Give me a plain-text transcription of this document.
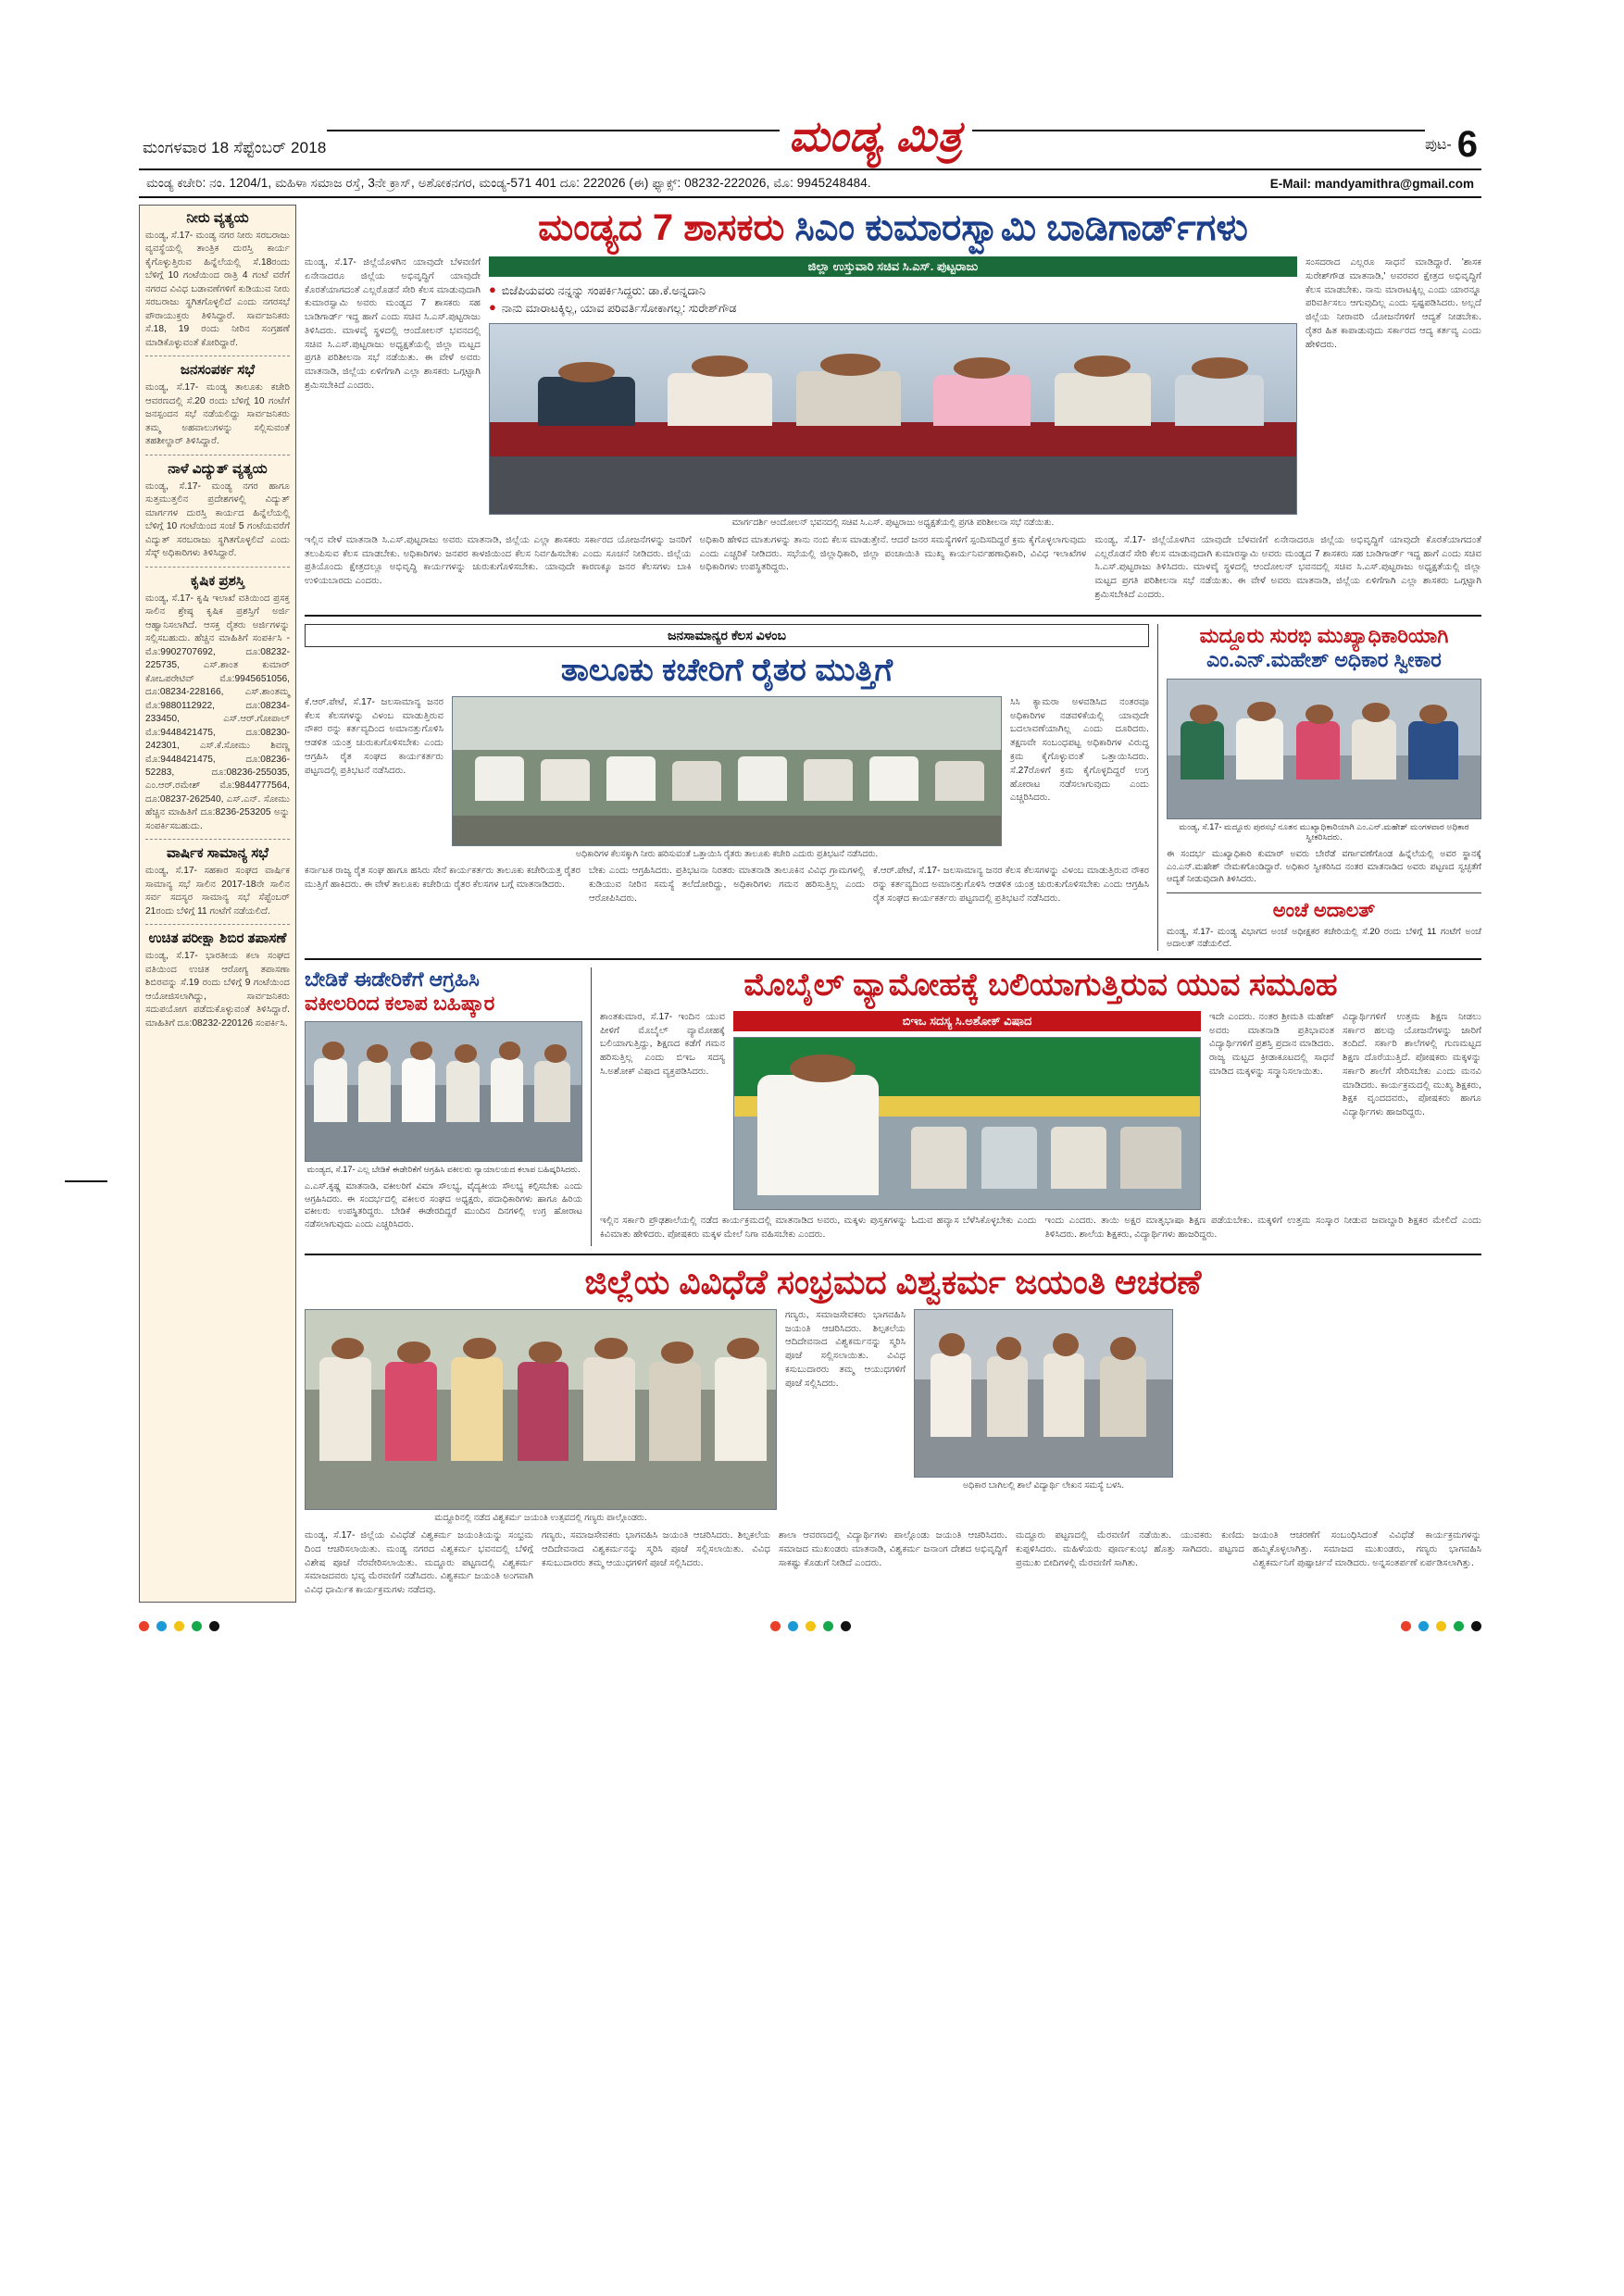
ಮಂಗಳವಾರ 18 ಸೆಪ್ಟೆಂಬರ್ 2018	ಮಂಡ್ಯ ಮಿತ್ರ	ಪುಟ- 6
ಮಂಡ್ಯ ಕಚೇರಿ: ನಂ. 1204/1, ಮಹಿಳಾ ಸಮಾಜ ರಸ್ತೆ, 3ನೇ ಕ್ರಾಸ್, ಅಶೋಕನಗರ, ಮಂಡ್ಯ-571 401 ದೂ: 222026 (ಈ) ಫ್ಯಾಕ್ಸ್: 08232-222026, ಮೊ: 9945248484.	E-Mail: mandyamithra@gmail.com
ನೀರು ವ್ಯತ್ಯಯ

ಮಂಡ್ಯ, ಸೆ.17- ಮಂಡ್ಯ ನಗರ ನೀರು ಸರಬರಾಜು ವ್ಯವಸ್ಥೆಯಲ್ಲಿ ತಾಂತ್ರಿಕ ದುರಸ್ತಿ ಕಾರ್ಯ ಕೈಗೊಳ್ಳುತ್ತಿರುವ ಹಿನ್ನೆಲೆಯಲ್ಲಿ ಸೆ.18ರಂದು ಬೆಳಿಗ್ಗೆ 10 ಗಂಟೆಯಿಂದ ರಾತ್ರಿ 4 ಗಂಟೆ ವರೆಗೆ ನಗರದ ವಿವಿಧ ಬಡಾವಣೆಗಳಿಗೆ ಕುಡಿಯುವ ನೀರು ಸರಬರಾಜು ಸ್ಥಗಿತಗೊಳ್ಳಲಿದೆ ಎಂದು ನಗರಸಭೆ ಪೌರಾಯುಕ್ತರು ತಿಳಿಸಿದ್ದಾರೆ. ಸಾರ್ವಜನಿಕರು ಸೆ.18, 19 ರಂದು ನೀರಿನ ಸಂಗ್ರಹಣೆ ಮಾಡಿಕೊಳ್ಳುವಂತೆ ಕೋರಿದ್ದಾರೆ.

ಜನಸಂಪರ್ಕ ಸಭೆ

ಮಂಡ್ಯ, ಸೆ.17- ಮಂಡ್ಯ ತಾಲೂಕು ಕಚೇರಿ ಆವರಣದಲ್ಲಿ ಸೆ.20 ರಂದು ಬೆಳಿಗ್ಗೆ 10 ಗಂಟೆಗೆ ಜನಸ್ಪಂದನ ಸಭೆ ನಡೆಯಲಿದ್ದು ಸಾರ್ವಜನಿಕರು ತಮ್ಮ ಅಹವಾಲುಗಳನ್ನು ಸಲ್ಲಿಸುವಂತೆ ತಹಶೀಲ್ದಾರ್ ತಿಳಿಸಿದ್ದಾರೆ.

ನಾಳೆ ವಿದ್ಯುತ್ ವ್ಯತ್ಯಯ

ಮಂಡ್ಯ, ಸೆ.17- ಮಂಡ್ಯ ನಗರ ಹಾಗೂ ಸುತ್ತಮುತ್ತಲಿನ ಪ್ರದೇಶಗಳಲ್ಲಿ ವಿದ್ಯುತ್ ಮಾರ್ಗಗಳ ದುರಸ್ತಿ ಕಾರ್ಯದ ಹಿನ್ನೆಲೆಯಲ್ಲಿ ಬೆಳಿಗ್ಗೆ 10 ಗಂಟೆಯಿಂದ ಸಂಜೆ 5 ಗಂಟೆಯವರೆಗೆ ವಿದ್ಯುತ್ ಸರಬರಾಜು ಸ್ಥಗಿತಗೊಳ್ಳಲಿದೆ ಎಂದು ಸೆಸ್ಕ್ ಅಧಿಕಾರಿಗಳು ತಿಳಿಸಿದ್ದಾರೆ.

ಕೃಷಿಕ ಪ್ರಶಸ್ತಿ

ಮಂಡ್ಯ, ಸೆ.17- ಕೃಷಿ ಇಲಾಖೆ ವತಿಯಿಂದ ಪ್ರಸಕ್ತ ಸಾಲಿನ ಶ್ರೇಷ್ಠ ಕೃಷಿಕ ಪ್ರಶಸ್ತಿಗೆ ಅರ್ಜಿ ಆಹ್ವಾನಿಸಲಾಗಿದೆ. ಆಸಕ್ತ ರೈತರು ಅರ್ಜಿಗಳನ್ನು ಸಲ್ಲಿಸಬಹುದು. ಹೆಚ್ಚಿನ ಮಾಹಿತಿಗೆ ಸಂಪರ್ಕಿಸಿ - ಮೊ:9902707692, ದೂ:08232-225735, ಎಸ್.ಶಾಂತ ಕುಮಾರ್ ಕೋಒಪರೇಟಿವ್ ಮೊ:9945651056, ದೂ:08234-228166, ಎಸ್.ಶಾಂತಮ್ಮ ಮೊ:9880112922, ದೂ:08234-233450, ಎಸ್.ಆರ್.ಗೋಪಾಲ್ ಮೊ:9448421475, ದೂ:08230-242301, ಎಸ್.ಕೆ.ಸೋಮು ಶಿವಣ್ಣ ಮೊ:9448421475, ದೂ:08236-52283, ದೂ:08236-255035, ಎಂ.ಆರ್.ರಮೇಶ್ ಮೊ:9844777564, ದೂ:08237-262540, ಎಸ್.ಎನ್. ಸೋಮು ಹೆಚ್ಚಿನ ಮಾಹಿತಿಗೆ ದೂ:8236-253205 ಅನ್ನು ಸಂಪರ್ಕಿಸಬಹುದು.

ವಾರ್ಷಿಕ ಸಾಮಾನ್ಯ ಸಭೆ

ಮಂಡ್ಯ, ಸೆ.17- ಸಹಕಾರ ಸಂಘದ ವಾರ್ಷಿಕ ಸಾಮಾನ್ಯ ಸಭೆ ಸಾಲಿನ 2017-18ನೇ ಸಾಲಿನ ಸರ್ವ ಸದಸ್ಯರ ಸಾಮಾನ್ಯ ಸಭೆ ಸೆಪ್ಟೆಂಬರ್ 21ರಂದು ಬೆಳಿಗ್ಗೆ 11 ಗಂಟೆಗೆ ನಡೆಯಲಿದೆ.

ಉಚಿತ ಪರೀಕ್ಷಾ ಶಿಬಿರ ತಪಾಸಣೆ

ಮಂಡ್ಯ, ಸೆ.17- ಭಾರತೀಯ ಕಲಾ ಸಂಘದ ವತಿಯಿಂದ ಉಚಿತ ಆರೋಗ್ಯ ತಪಾಸಣಾ ಶಿಬಿರವನ್ನು ಸೆ.19 ರಂದು ಬೆಳಿಗ್ಗೆ 9 ಗಂಟೆಯಿಂದ ಆಯೋಜಿಸಲಾಗಿದ್ದು, ಸಾರ್ವಜನಿಕರು ಸದುಪಯೋಗ ಪಡೆದುಕೊಳ್ಳುವಂತೆ ತಿಳಿಸಿದ್ದಾರೆ. ಮಾಹಿತಿಗೆ ದೂ:08232-220126 ಸಂಪರ್ಕಿಸಿ.

ಮಂಡ್ಯದ 7 ಶಾಸಕರು ಸಿಎಂ ಕುಮಾರಸ್ವಾಮಿ ಬಾಡಿಗಾರ್ಡ್‌ಗಳು

ಮಂಡ್ಯ, ಸೆ.17- ಜಿಲ್ಲೆಯೊಳಗಿನ ಯಾವುದೇ ಬೆಳವಣಿಗೆ ಏನೇನಾದರೂ ಜಿಲ್ಲೆಯ ಅಭಿವೃದ್ಧಿಗೆ ಯಾವುದೇ ಕೊರತೆಯಾಗದಂತೆ ಎಲ್ಲರೊಡನೆ ಸೇರಿ ಕೆಲಸ ಮಾಡುವುದಾಗಿ ಕುಮಾರಸ್ವಾಮಿ ಅವರು ಮಂಡ್ಯದ 7 ಶಾಸಕರು ಸಹ ಬಾಡಿಗಾರ್ಡ್ ಇದ್ದ ಹಾಗೆ ಎಂದು ಸಚಿವ ಸಿ.ಎಸ್.ಪುಟ್ಟರಾಜು ತಿಳಿಸಿದರು. ಮಾಳವೈ ಸ್ಥಳದಲ್ಲಿ ಆಂದೋಲನ್ ಭವನದಲ್ಲಿ ಸಚಿವ ಸಿ.ಎಸ್.ಪುಟ್ಟರಾಜು ಅಧ್ಯಕ್ಷತೆಯಲ್ಲಿ ಜಿಲ್ಲಾ ಮಟ್ಟದ ಪ್ರಗತಿ ಪರಿಶೀಲನಾ ಸಭೆ ನಡೆಯಿತು. ಈ ವೇಳೆ ಅವರು ಮಾತನಾಡಿ, ಜಿಲ್ಲೆಯ ಏಳಿಗೆಗಾಗಿ ಎಲ್ಲಾ ಶಾಸಕರು ಒಗ್ಗಟ್ಟಾಗಿ ಶ್ರಮಿಸಬೇಕಿದೆ ಎಂದರು.

ಜಿಲ್ಲಾ ಉಸ್ತುವಾರಿ ಸಚಿವ ಸಿ.ಎಸ್. ಪುಟ್ಟರಾಜು
● ಬಿಜೆಪಿಯವರು ನನ್ನನ್ನು ಸಂಪರ್ಕಿಸಿದ್ದರು: ಡಾ.ಕೆ.ಅನ್ನದಾನಿ
● ನಾನು ಮಾರಾಟಕ್ಕಿಲ್ಲ, ಯಾವ ಪರಿವರ್ತಿಸೋಕಾಗಲ್ಲ: ಸುರೇಶ್‌ಗೌಡ
ಮಾರ್ಗದರ್ಶಿ ಆಂದೋಲನ್ ಭವನದಲ್ಲಿ ಸಚಿವ ಸಿ.ಎಸ್. ಪುಟ್ಟರಾಜು ಅಧ್ಯಕ್ಷತೆಯಲ್ಲಿ ಪ್ರಗತಿ ಪರಿಶೀಲನಾ ಸಭೆ ನಡೆಯಿತು.

ಸಂಸದರಾದ ಎಲ್ಲರೂ ಸಾಧನೆ ಮಾಡಿದ್ದಾರೆ. 'ಶಾಸಕ ಸುರೇಶ್‌ಗೌಡ ಮಾತನಾಡಿ,' ಅವರವರ ಕ್ಷೇತ್ರದ ಅಭಿವೃದ್ಧಿಗೆ ಕೆಲಸ ಮಾಡಬೇಕು. ನಾನು ಮಾರಾಟಕ್ಕಿಲ್ಲ ಎಂದು ಯಾರನ್ನೂ ಪರಿವರ್ತಿಸಲು ಆಗುವುದಿಲ್ಲ ಎಂದು ಸ್ಪಷ್ಟಪಡಿಸಿದರು. ಅಲ್ಲದೆ ಜಿಲ್ಲೆಯ ನೀರಾವರಿ ಯೋಜನೆಗಳಿಗೆ ಆದ್ಯತೆ ನೀಡಬೇಕು. ರೈತರ ಹಿತ ಕಾಪಾಡುವುದು ಸರ್ಕಾರದ ಆದ್ಯ ಕರ್ತವ್ಯ ಎಂದು ಹೇಳಿದರು.

ಇಲ್ಲಿನ ವೇಳೆ ಮಾತನಾಡಿ ಸಿ.ಎಸ್.ಪುಟ್ಟರಾಜು ಅವರು ಮಾತನಾಡಿ, ಜಿಲ್ಲೆಯ ಎಲ್ಲಾ ಶಾಸಕರು ಸರ್ಕಾರದ ಯೋಜನೆಗಳನ್ನು ಜನರಿಗೆ ತಲುಪಿಸುವ ಕೆಲಸ ಮಾಡಬೇಕು. ಅಧಿಕಾರಿಗಳು ಜನಪರ ಕಾಳಜಿಯಿಂದ ಕೆಲಸ ನಿರ್ವಹಿಸಬೇಕು ಎಂದು ಸೂಚನೆ ನೀಡಿದರು. ಜಿಲ್ಲೆಯ ಪ್ರತಿಯೊಂದು ಕ್ಷೇತ್ರದಲ್ಲೂ ಅಭಿವೃದ್ಧಿ ಕಾರ್ಯಗಳನ್ನು ಚುರುಕುಗೊಳಿಸಬೇಕು. ಯಾವುದೇ ಕಾರಣಕ್ಕೂ ಜನರ ಕೆಲಸಗಳು ಬಾಕಿ ಉಳಿಯಬಾರದು ಎಂದರು.

ಅಧಿಕಾರಿ ಹೇಳಿದ ಮಾತುಗಳನ್ನು ತಾನು ನಂಬಿ ಕೆಲಸ ಮಾಡುತ್ತೇನೆ. ಆದರೆ ಜನರ ಸಮಸ್ಯೆಗಳಿಗೆ ಸ್ಪಂದಿಸದಿದ್ದರೆ ಕ್ರಮ ಕೈಗೊಳ್ಳಲಾಗುವುದು ಎಂದು ಎಚ್ಚರಿಕೆ ನೀಡಿದರು. ಸಭೆಯಲ್ಲಿ ಜಿಲ್ಲಾಧಿಕಾರಿ, ಜಿಲ್ಲಾ ಪಂಚಾಯಿತಿ ಮುಖ್ಯ ಕಾರ್ಯನಿರ್ವಹಣಾಧಿಕಾರಿ, ವಿವಿಧ ಇಲಾಖೆಗಳ ಅಧಿಕಾರಿಗಳು ಉಪಸ್ಥಿತರಿದ್ದರು.

ಮಂಡ್ಯ, ಸೆ.17- ಜಿಲ್ಲೆಯೊಳಗಿನ ಯಾವುದೇ ಬೆಳವಣಿಗೆ ಏನೇನಾದರೂ ಜಿಲ್ಲೆಯ ಅಭಿವೃದ್ಧಿಗೆ ಯಾವುದೇ ಕೊರತೆಯಾಗದಂತೆ ಎಲ್ಲರೊಡನೆ ಸೇರಿ ಕೆಲಸ ಮಾಡುವುದಾಗಿ ಕುಮಾರಸ್ವಾಮಿ ಅವರು ಮಂಡ್ಯದ 7 ಶಾಸಕರು ಸಹ ಬಾಡಿಗಾರ್ಡ್ ಇದ್ದ ಹಾಗೆ ಎಂದು ಸಚಿವ ಸಿ.ಎಸ್.ಪುಟ್ಟರಾಜು ತಿಳಿಸಿದರು. ಮಾಳವೈ ಸ್ಥಳದಲ್ಲಿ ಆಂದೋಲನ್ ಭವನದಲ್ಲಿ ಸಚಿವ ಸಿ.ಎಸ್.ಪುಟ್ಟರಾಜು ಅಧ್ಯಕ್ಷತೆಯಲ್ಲಿ ಜಿಲ್ಲಾ ಮಟ್ಟದ ಪ್ರಗತಿ ಪರಿಶೀಲನಾ ಸಭೆ ನಡೆಯಿತು. ಈ ವೇಳೆ ಅವರು ಮಾತನಾಡಿ, ಜಿಲ್ಲೆಯ ಏಳಿಗೆಗಾಗಿ ಎಲ್ಲಾ ಶಾಸಕರು ಒಗ್ಗಟ್ಟಾಗಿ ಶ್ರಮಿಸಬೇಕಿದೆ ಎಂದರು.

ಜನಸಾಮಾನ್ಯರ ಕೆಲಸ ವಿಳಂಬ
ತಾಲೂಕು ಕಚೇರಿಗೆ ರೈತರ ಮುತ್ತಿಗೆ

ಕೆ.ಆರ್.ಪೇಟೆ, ಸೆ.17- ಜಲಸಾಮಾನ್ಯ ಜನರ ಕೆಲಸ ಕೆಲಸಗಳನ್ನು ವಿಳಂಬ ಮಾಡುತ್ತಿರುವ ನೌಕರ ರನ್ನು ಕರ್ತವ್ಯದಿಂದ ಅಮಾನತ್ತುಗೊಳಿಸಿ ಆಡಳಿತ ಯಂತ್ರ ಚುರುಕುಗೊಳಿಸಬೇಕು ಎಂದು ಆಗ್ರಹಿಸಿ ರೈತ ಸಂಘದ ಕಾರ್ಯಕರ್ತರು ಪಟ್ಟಣದಲ್ಲಿ ಪ್ರತಿಭಟನೆ ನಡೆಸಿದರು.

ಅಧಿಕಾರಿಗಳ ಕೆಲಸಕ್ಕಾಗಿ ನೀರು ಹರಿಸುವಂತೆ ಒತ್ತಾಯಿಸಿ ರೈತರು ತಾಲೂಕು ಕಚೇರಿ ಎದುರು ಪ್ರತಿಭಟನೆ ನಡೆಸಿದರು.

ಸಿಸಿ ಕ್ಯಾಮರಾ ಅಳವಡಿಸಿದ ನಂತರವೂ ಅಧಿಕಾರಿಗಳ ನಡವಳಿಕೆಯಲ್ಲಿ ಯಾವುದೇ ಬದಲಾವಣೆಯಾಗಿಲ್ಲ ಎಂದು ದೂರಿದರು. ತಕ್ಷಣವೇ ಸಂಬಂಧಪಟ್ಟ ಅಧಿಕಾರಿಗಳ ವಿರುದ್ಧ ಕ್ರಮ ಕೈಗೊಳ್ಳುವಂತೆ ಒತ್ತಾಯಿಸಿದರು. ಸೆ.27ರೊಳಗೆ ಕ್ರಮ ಕೈಗೊಳ್ಳದಿದ್ದರೆ ಉಗ್ರ ಹೋರಾಟ ನಡೆಸಲಾಗುವುದು ಎಂದು ಎಚ್ಚರಿಸಿದರು.

ಕರ್ನಾಟಕ ರಾಜ್ಯ ರೈತ ಸಂಘ ಹಾಗೂ ಹಸಿರು ಸೇನೆ ಕಾರ್ಯಕರ್ತರು ತಾಲೂಕು ಕಚೇರಿಯತ್ತ ರೈತರ ಮುತ್ತಿಗೆ ಹಾಕಿದರು. ಈ ವೇಳೆ ತಾಲೂಕು ಕಚೇರಿಯ ರೈತರ ಕೆಲಸಗಳ ಬಗ್ಗೆ ಮಾತನಾಡಿದರು.

ಬೇಕು ಎಂದು ಆಗ್ರಹಿಸಿದರು. ಪ್ರತಿಭಟನಾ ನಿರತರು ಮಾತನಾಡಿ ತಾಲೂಕಿನ ವಿವಿಧ ಗ್ರಾಮಗಳಲ್ಲಿ ಕುಡಿಯುವ ನೀರಿನ ಸಮಸ್ಯೆ ತಲೆದೋರಿದ್ದು, ಅಧಿಕಾರಿಗಳು ಗಮನ ಹರಿಸುತ್ತಿಲ್ಲ ಎಂದು ಆರೋಪಿಸಿದರು.

ಕೆ.ಆರ್.ಪೇಟೆ, ಸೆ.17- ಜಲಸಾಮಾನ್ಯ ಜನರ ಕೆಲಸ ಕೆಲಸಗಳನ್ನು ವಿಳಂಬ ಮಾಡುತ್ತಿರುವ ನೌಕರ ರನ್ನು ಕರ್ತವ್ಯದಿಂದ ಅಮಾನತ್ತುಗೊಳಿಸಿ ಆಡಳಿತ ಯಂತ್ರ ಚುರುಕುಗೊಳಿಸಬೇಕು ಎಂದು ಆಗ್ರಹಿಸಿ ರೈತ ಸಂಘದ ಕಾರ್ಯಕರ್ತರು ಪಟ್ಟಣದಲ್ಲಿ ಪ್ರತಿಭಟನೆ ನಡೆಸಿದರು.

ಮದ್ದೂರು ಸುರಭಿ ಮುಖ್ಯಾಧಿಕಾರಿಯಾಗಿ
ಎಂ.ಎನ್.ಮಹೇಶ್ ಅಧಿಕಾರ ಸ್ವೀಕಾರ
ಮಂಡ್ಯ, ಸೆ.17- ಮದ್ದೂರು ಪುರಸಭೆ ನೂತನ ಮುಖ್ಯಾಧಿಕಾರಿಯಾಗಿ ಎಂ.ಎನ್.ಮಹೇಶ್ ಮಂಗಳವಾರ ಅಧಿಕಾರ ಸ್ವೀಕರಿಸಿದರು.
ಈ ಸಂದರ್ಭ ಮುಖ್ಯಾಧಿಕಾರಿ ಕುಮಾರ್ ಅವರು ಬೇರೆಡೆ ವರ್ಗಾವಣೆಗೊಂಡ ಹಿನ್ನೆಲೆಯಲ್ಲಿ ಅವರ ಸ್ಥಾನಕ್ಕೆ ಎಂ.ಎನ್.ಮಹೇಶ್ ನೇಮಕಗೊಂಡಿದ್ದಾರೆ. ಅಧಿಕಾರ ಸ್ವೀಕರಿಸಿದ ನಂತರ ಮಾತನಾಡಿದ ಅವರು ಪಟ್ಟಣದ ಸ್ವಚ್ಛತೆಗೆ ಆದ್ಯತೆ ನೀಡುವುದಾಗಿ ತಿಳಿಸಿದರು.
ಅಂಚೆ ಅದಾಲತ್
ಮಂಡ್ಯ, ಸೆ.17- ಮಂಡ್ಯ ವಿಭಾಗದ ಅಂಚೆ ಅಧೀಕ್ಷಕರ ಕಚೇರಿಯಲ್ಲಿ ಸೆ.20 ರಂದು ಬೆಳಿಗ್ಗೆ 11 ಗಂಟೆಗೆ ಅಂಚೆ ಅದಾಲತ್ ನಡೆಯಲಿದೆ.
ಬೇಡಿಕೆ ಈಡೇರಿಕೆಗೆ ಆಗ್ರಹಿಸಿ
ವಕೀಲರಿಂದ ಕಲಾಪ ಬಹಿಷ್ಕಾರ
ಮಂಡ್ಯದ, ಸೆ.17- ಎಲ್ಲ ಬೇಡಿಕೆ ಈಡೇರಿಕೆಗೆ ಆಗ್ರಹಿಸಿ ವಕೀಲರು ನ್ಯಾಯಾಲಯದ ಕಲಾಪ ಬಹಿಷ್ಕರಿಸಿದರು.
ಎ.ಎಸ್.ಕೃಷ್ಣ ಮಾತನಾಡಿ, ವಕೀಲರಿಗೆ ವಿಮಾ ಸೌಲಭ್ಯ, ವೈದ್ಯಕೀಯ ಸೌಲಭ್ಯ ಕಲ್ಪಿಸಬೇಕು ಎಂದು ಆಗ್ರಹಿಸಿದರು. ಈ ಸಂದರ್ಭದಲ್ಲಿ ವಕೀಲರ ಸಂಘದ ಅಧ್ಯಕ್ಷರು, ಪದಾಧಿಕಾರಿಗಳು ಹಾಗೂ ಹಿರಿಯ ವಕೀಲರು ಉಪಸ್ಥಿತರಿದ್ದರು. ಬೇಡಿಕೆ ಈಡೇರದಿದ್ದರೆ ಮುಂದಿನ ದಿನಗಳಲ್ಲಿ ಉಗ್ರ ಹೋರಾಟ ನಡೆಸಲಾಗುವುದು ಎಂದು ಎಚ್ಚರಿಸಿದರು.
ಮೊಬೈಲ್ ವ್ಯಾಮೋಹಕ್ಕೆ ಬಲಿಯಾಗುತ್ತಿರುವ ಯುವ ಸಮೂಹ

ಶಾಂತಕುಮಾರ, ಸೆ.17- ಇಂದಿನ ಯುವ ಪೀಳಿಗೆ ಮೊಬೈಲ್ ವ್ಯಾಮೋಹಕ್ಕೆ ಬಲಿಯಾಗುತ್ತಿದ್ದು, ಶಿಕ್ಷಣದ ಕಡೆಗೆ ಗಮನ ಹರಿಸುತ್ತಿಲ್ಲ ಎಂದು ಬಿಇಒ ಸದಸ್ಯ ಸಿ.ಅಶೋಕ್ ವಿಷಾದ ವ್ಯಕ್ತಪಡಿಸಿದರು.

ಬಿಇಒ ಸದಸ್ಯ ಸಿ.ಅಶೋಕ್ ವಿಷಾದ	ಇದೇ ಎಂದರು. ನಂತರ ಶ್ರೀಮತಿ ಮಹೇಶ್ ಅವರು ಮಾತನಾಡಿ ಪ್ರತಿಭಾವಂತ ವಿದ್ಯಾರ್ಥಿಗಳಿಗೆ ಪ್ರಶಸ್ತಿ ಪ್ರದಾನ ಮಾಡಿದರು. ರಾಜ್ಯ ಮಟ್ಟದ ಕ್ರೀಡಾಕೂಟದಲ್ಲಿ ಸಾಧನೆ ಮಾಡಿದ ಮಕ್ಕಳನ್ನು ಸನ್ಮಾನಿಸಲಾಯಿತು.

ವಿದ್ಯಾರ್ಥಿಗಳಿಗೆ ಉತ್ತಮ ಶಿಕ್ಷಣ ನೀಡಲು ಸರ್ಕಾರ ಹಲವು ಯೋಜನೆಗಳನ್ನು ಜಾರಿಗೆ ತಂದಿದೆ. ಸರ್ಕಾರಿ ಶಾಲೆಗಳಲ್ಲಿ ಗುಣಮಟ್ಟದ ಶಿಕ್ಷಣ ದೊರೆಯುತ್ತಿದೆ. ಪೋಷಕರು ಮಕ್ಕಳನ್ನು ಸರ್ಕಾರಿ ಶಾಲೆಗೆ ಸೇರಿಸಬೇಕು ಎಂದು ಮನವಿ ಮಾಡಿದರು. ಕಾರ್ಯಕ್ರಮದಲ್ಲಿ ಮುಖ್ಯ ಶಿಕ್ಷಕರು, ಶಿಕ್ಷಕ ವೃಂದದವರು, ಪೋಷಕರು ಹಾಗೂ ವಿದ್ಯಾರ್ಥಿಗಳು ಹಾಜರಿದ್ದರು.

ಇಲ್ಲಿನ ಸರ್ಕಾರಿ ಪ್ರೌಢಶಾಲೆಯಲ್ಲಿ ನಡೆದ ಕಾರ್ಯಕ್ರಮದಲ್ಲಿ ಮಾತನಾಡಿದ ಅವರು, ಮಕ್ಕಳು ಪುಸ್ತಕಗಳನ್ನು ಓದುವ ಹವ್ಯಾಸ ಬೆಳೆಸಿಕೊಳ್ಳಬೇಕು ಎಂದು ಕಿವಿಮಾತು ಹೇಳಿದರು. ಪೋಷಕರು ಮಕ್ಕಳ ಮೇಲೆ ನಿಗಾ ವಹಿಸಬೇಕು ಎಂದರು.

ಇಂದು ಎಂದರು. ತಾಯಿ ಅಕ್ಷರ ಮಾತೃಭಾಷಾ ಶಿಕ್ಷಣ ಪಡೆಯಬೇಕು. ಮಕ್ಕಳಿಗೆ ಉತ್ತಮ ಸಂಸ್ಕಾರ ನೀಡುವ ಜವಾಬ್ದಾರಿ ಶಿಕ್ಷಕರ ಮೇಲಿದೆ ಎಂದು ತಿಳಿಸಿದರು. ಶಾಲೆಯ ಶಿಕ್ಷಕರು, ವಿದ್ಯಾರ್ಥಿಗಳು ಹಾಜರಿದ್ದರು.

ಜಿಲ್ಲೆಯ ವಿವಿಧೆಡೆ ಸಂಭ್ರಮದ ವಿಶ್ವಕರ್ಮ ಜಯಂತಿ ಆಚರಣೆ
ಮದ್ದೂರಿನಲ್ಲಿ ನಡೆದ ವಿಶ್ವಕರ್ಮ ಜಯಂತಿ ಉತ್ಸವದಲ್ಲಿ ಗಣ್ಯರು ಪಾಲ್ಗೊಂಡರು.

ಗಣ್ಯರು, ಸಮಾಜಸೇವಕರು ಭಾಗವಹಿಸಿ ಜಯಂತಿ ಆಚರಿಸಿದರು. ಶಿಲ್ಪಕಲೆಯ ಆದಿದೇವನಾದ ವಿಶ್ವಕರ್ಮನನ್ನು ಸ್ಮರಿಸಿ ಪೂಜೆ ಸಲ್ಲಿಸಲಾಯಿತು. ವಿವಿಧ ಕಸುಬುದಾರರು ತಮ್ಮ ಆಯುಧಗಳಿಗೆ ಪೂಜೆ ಸಲ್ಲಿಸಿದರು.

ಅಧಿಕಾರ ಬಾಗಿಲಲ್ಲಿ ಶಾಲೆ ವಿದ್ಯಾರ್ಥಿ ಲೇಖನ ಸಮಸ್ಯೆ ಬಳಸಿ.

ಮಂಡ್ಯ, ಸೆ.17- ಜಿಲ್ಲೆಯ ವಿವಿಧೆಡೆ ವಿಶ್ವಕರ್ಮ ಜಯಂತಿಯನ್ನು ಸಂಭ್ರಮ ದಿಂದ ಆಚರಿಸಲಾಯಿತು. ಮಂಡ್ಯ ನಗರದ ವಿಶ್ವಕರ್ಮ ಭವನದಲ್ಲಿ ಬೆಳಿಗ್ಗೆ ವಿಶೇಷ ಪೂಜೆ ನೆರವೇರಿಸಲಾಯಿತು. ಮದ್ದೂರು ಪಟ್ಟಣದಲ್ಲಿ ವಿಶ್ವಕರ್ಮ ಸಮಾಜದವರು ಭವ್ಯ ಮೆರವಣಿಗೆ ನಡೆಸಿದರು. ವಿಶ್ವಕರ್ಮ ಜಯಂತಿ ಅಂಗವಾಗಿ ವಿವಿಧ ಧಾರ್ಮಿಕ ಕಾರ್ಯಕ್ರಮಗಳು ನಡೆದವು.

ಗಣ್ಯರು, ಸಮಾಜಸೇವಕರು ಭಾಗವಹಿಸಿ ಜಯಂತಿ ಆಚರಿಸಿದರು. ಶಿಲ್ಪಕಲೆಯ ಆದಿದೇವನಾದ ವಿಶ್ವಕರ್ಮನನ್ನು ಸ್ಮರಿಸಿ ಪೂಜೆ ಸಲ್ಲಿಸಲಾಯಿತು. ವಿವಿಧ ಕಸುಬುದಾರರು ತಮ್ಮ ಆಯುಧಗಳಿಗೆ ಪೂಜೆ ಸಲ್ಲಿಸಿದರು.

ಶಾಲಾ ಆವರಣದಲ್ಲಿ ವಿದ್ಯಾರ್ಥಿಗಳು ಪಾಲ್ಗೊಂಡು ಜಯಂತಿ ಆಚರಿಸಿದರು. ಸಮಾಜದ ಮುಖಂಡರು ಮಾತನಾಡಿ, ವಿಶ್ವಕರ್ಮ ಜನಾಂಗ ದೇಶದ ಅಭಿವೃದ್ಧಿಗೆ ಸಾಕಷ್ಟು ಕೊಡುಗೆ ನೀಡಿದೆ ಎಂದರು.

ಮದ್ದೂರು ಪಟ್ಟಣದಲ್ಲಿ ಮೆರವಣಿಗೆ ನಡೆಯಿತು. ಯುವಕರು ಕುಣಿದು ಕುಪ್ಪಳಿಸಿದರು. ಮಹಿಳೆಯರು ಪೂರ್ಣಕುಂಭ ಹೊತ್ತು ಸಾಗಿದರು. ಪಟ್ಟಣದ ಪ್ರಮುಖ ಬೀದಿಗಳಲ್ಲಿ ಮೆರವಣಿಗೆ ಸಾಗಿತು.

ಜಯಂತಿ ಆಚರಣೆಗೆ ಸಂಬಂಧಿಸಿದಂತೆ ವಿವಿಧೆಡೆ ಕಾರ್ಯಕ್ರಮಗಳನ್ನು ಹಮ್ಮಿಕೊಳ್ಳಲಾಗಿತ್ತು. ಸಮಾಜದ ಮುಖಂಡರು, ಗಣ್ಯರು ಭಾಗವಹಿಸಿ ವಿಶ್ವಕರ್ಮನಿಗೆ ಪುಷ್ಪಾರ್ಚನೆ ಮಾಡಿದರು. ಅನ್ನಸಂತರ್ಪಣೆ ಏರ್ಪಡಿಸಲಾಗಿತ್ತು.
